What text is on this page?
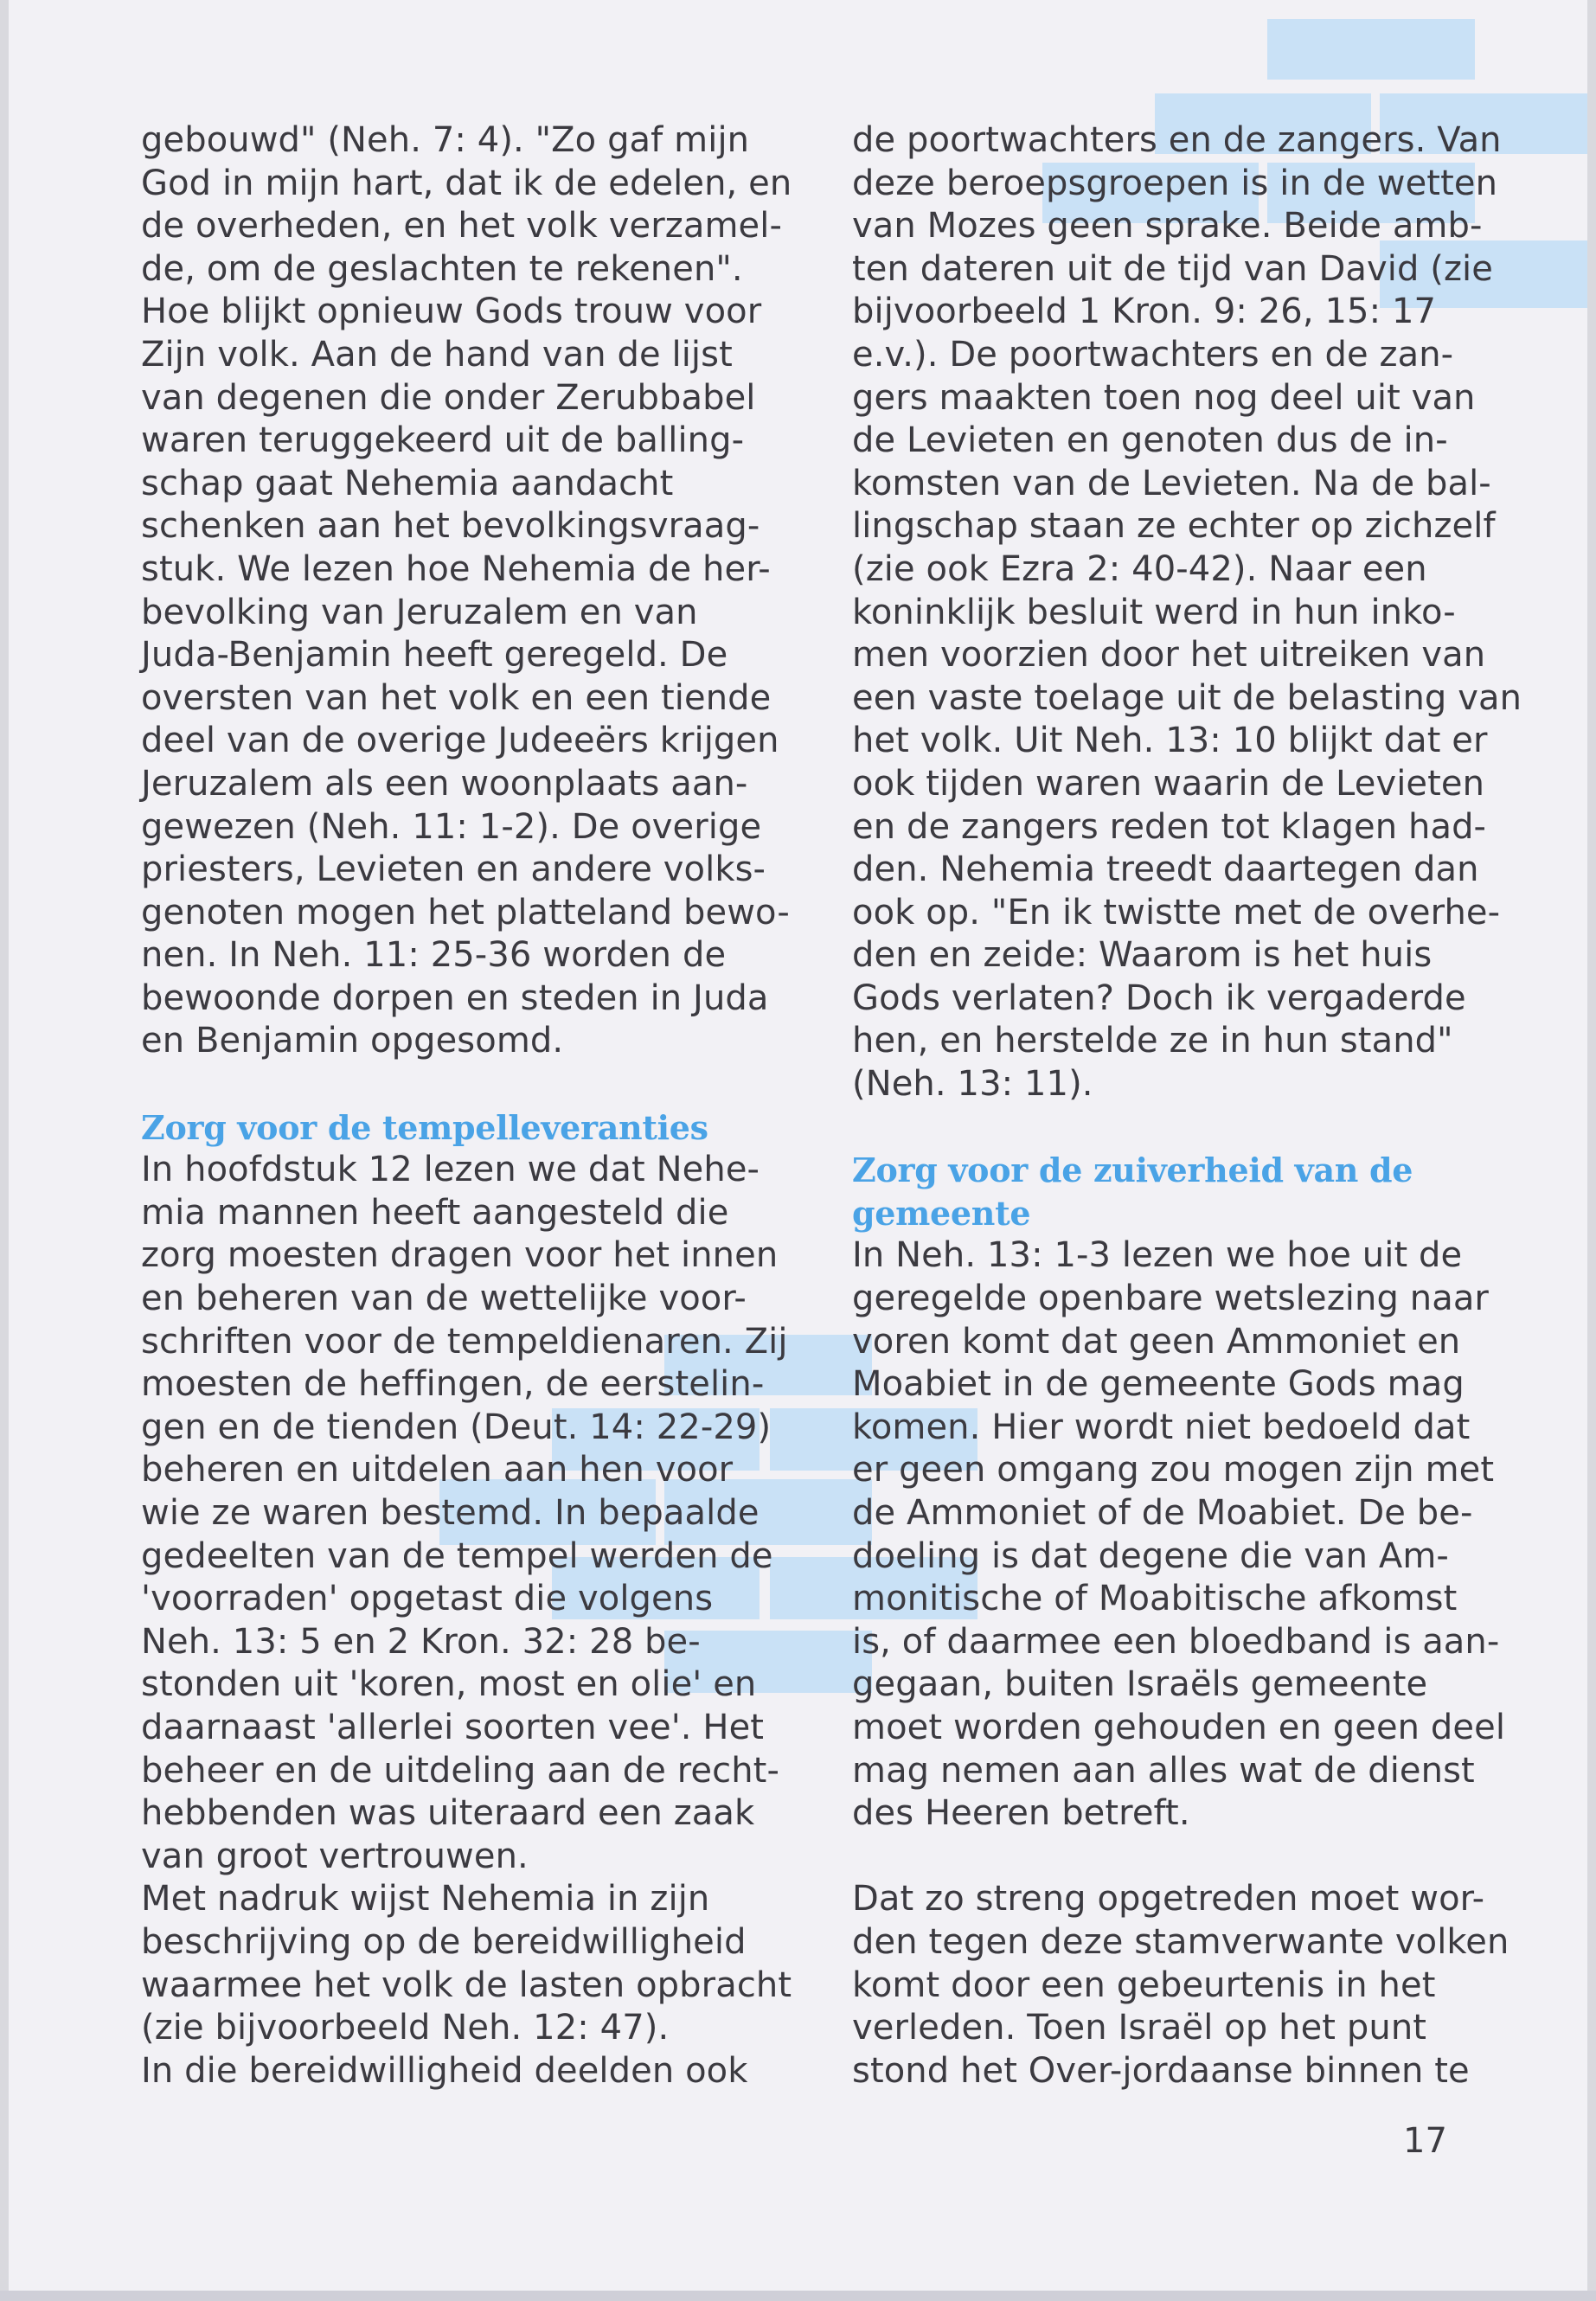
gebouwd" (Neh. 7: 4). "Zo gaf mijn
God in mijn hart, dat ik de edelen, en
de overheden, en het volk verzamel-
de, om de geslachten te rekenen".
Hoe blijkt opnieuw Gods trouw voor
Zijn volk. Aan de hand van de lijst
van degenen die onder Zerubbabel
waren teruggekeerd uit de balling-
schap gaat Nehemia aandacht
schenken aan het bevolkingsvraag-
stuk. We lezen hoe Nehemia de her-
bevolking van Jeruzalem en van
Juda-Benjamin heeft geregeld. De
oversten van het volk en een tiende
deel van de overige Judeeërs krijgen
Jeruzalem als een woonplaats aan-
gewezen (Neh. 11: 1-2). De overige
priesters, Levieten en andere volks-
genoten mogen het platteland bewo-
nen. In Neh. 11: 25-36 worden de
bewoonde dorpen en steden in Juda
en Benjamin opgesomd.
Zorg voor de tempelleveranties
In hoofdstuk 12 lezen we dat Nehe-
mia mannen heeft aangesteld die
zorg moesten dragen voor het innen
en beheren van de wettelijke voor-
schriften voor de tempeldienaren. Zij
moesten de heffingen, de eerstelin-
gen en de tienden (Deut. 14: 22-29)
beheren en uitdelen aan hen voor
wie ze waren bestemd. In bepaalde
gedeelten van de tempel werden de
'voorraden' opgetast die volgens
Neh. 13: 5 en 2 Kron. 32: 28 be-
stonden uit 'koren, most en olie' en
daarnaast 'allerlei soorten vee'. Het
beheer en de uitdeling aan de recht-
hebbenden was uiteraard een zaak
van groot vertrouwen.
Met nadruk wijst Nehemia in zijn
beschrijving op de bereidwilligheid
waarmee het volk de lasten opbracht
(zie bijvoorbeeld Neh. 12: 47).
In die bereidwilligheid deelden ook
de poortwachters en de zangers. Van
deze beroepsgroepen is in de wetten
van Mozes geen sprake. Beide amb-
ten dateren uit de tijd van David (zie
bijvoorbeeld 1 Kron. 9: 26, 15: 17
e.v.). De poortwachters en de zan-
gers maakten toen nog deel uit van
de Levieten en genoten dus de in-
komsten van de Levieten. Na de bal-
lingschap staan ze echter op zichzelf
(zie ook Ezra 2: 40-42). Naar een
koninklijk besluit werd in hun inko-
men voorzien door het uitreiken van
een vaste toelage uit de belasting van
het volk. Uit Neh. 13: 10 blijkt dat er
ook tijden waren waarin de Levieten
en de zangers reden tot klagen had-
den. Nehemia treedt daartegen dan
ook op. "En ik twistte met de overhe-
den en zeide: Waarom is het huis
Gods verlaten? Doch ik vergaderde
hen, en herstelde ze in hun stand"
(Neh. 13: 11).
Zorg voor de zuiverheid van de
gemeente
In Neh. 13: 1-3 lezen we hoe uit de
geregelde openbare wetslezing naar
voren komt dat geen Ammoniet en
Moabiet in de gemeente Gods mag
komen. Hier wordt niet bedoeld dat
er geen omgang zou mogen zijn met
de Ammoniet of de Moabiet. De be-
doeling is dat degene die van Am-
monitische of Moabitische afkomst
is, of daarmee een bloedband is aan-
gegaan, buiten Israëls gemeente
moet worden gehouden en geen deel
mag nemen aan alles wat de dienst
des Heeren betreft.
Dat zo streng opgetreden moet wor-
den tegen deze stamverwante volken
komt door een gebeurtenis in het
verleden. Toen Israël op het punt
stond het Over-jordaanse binnen te
17
